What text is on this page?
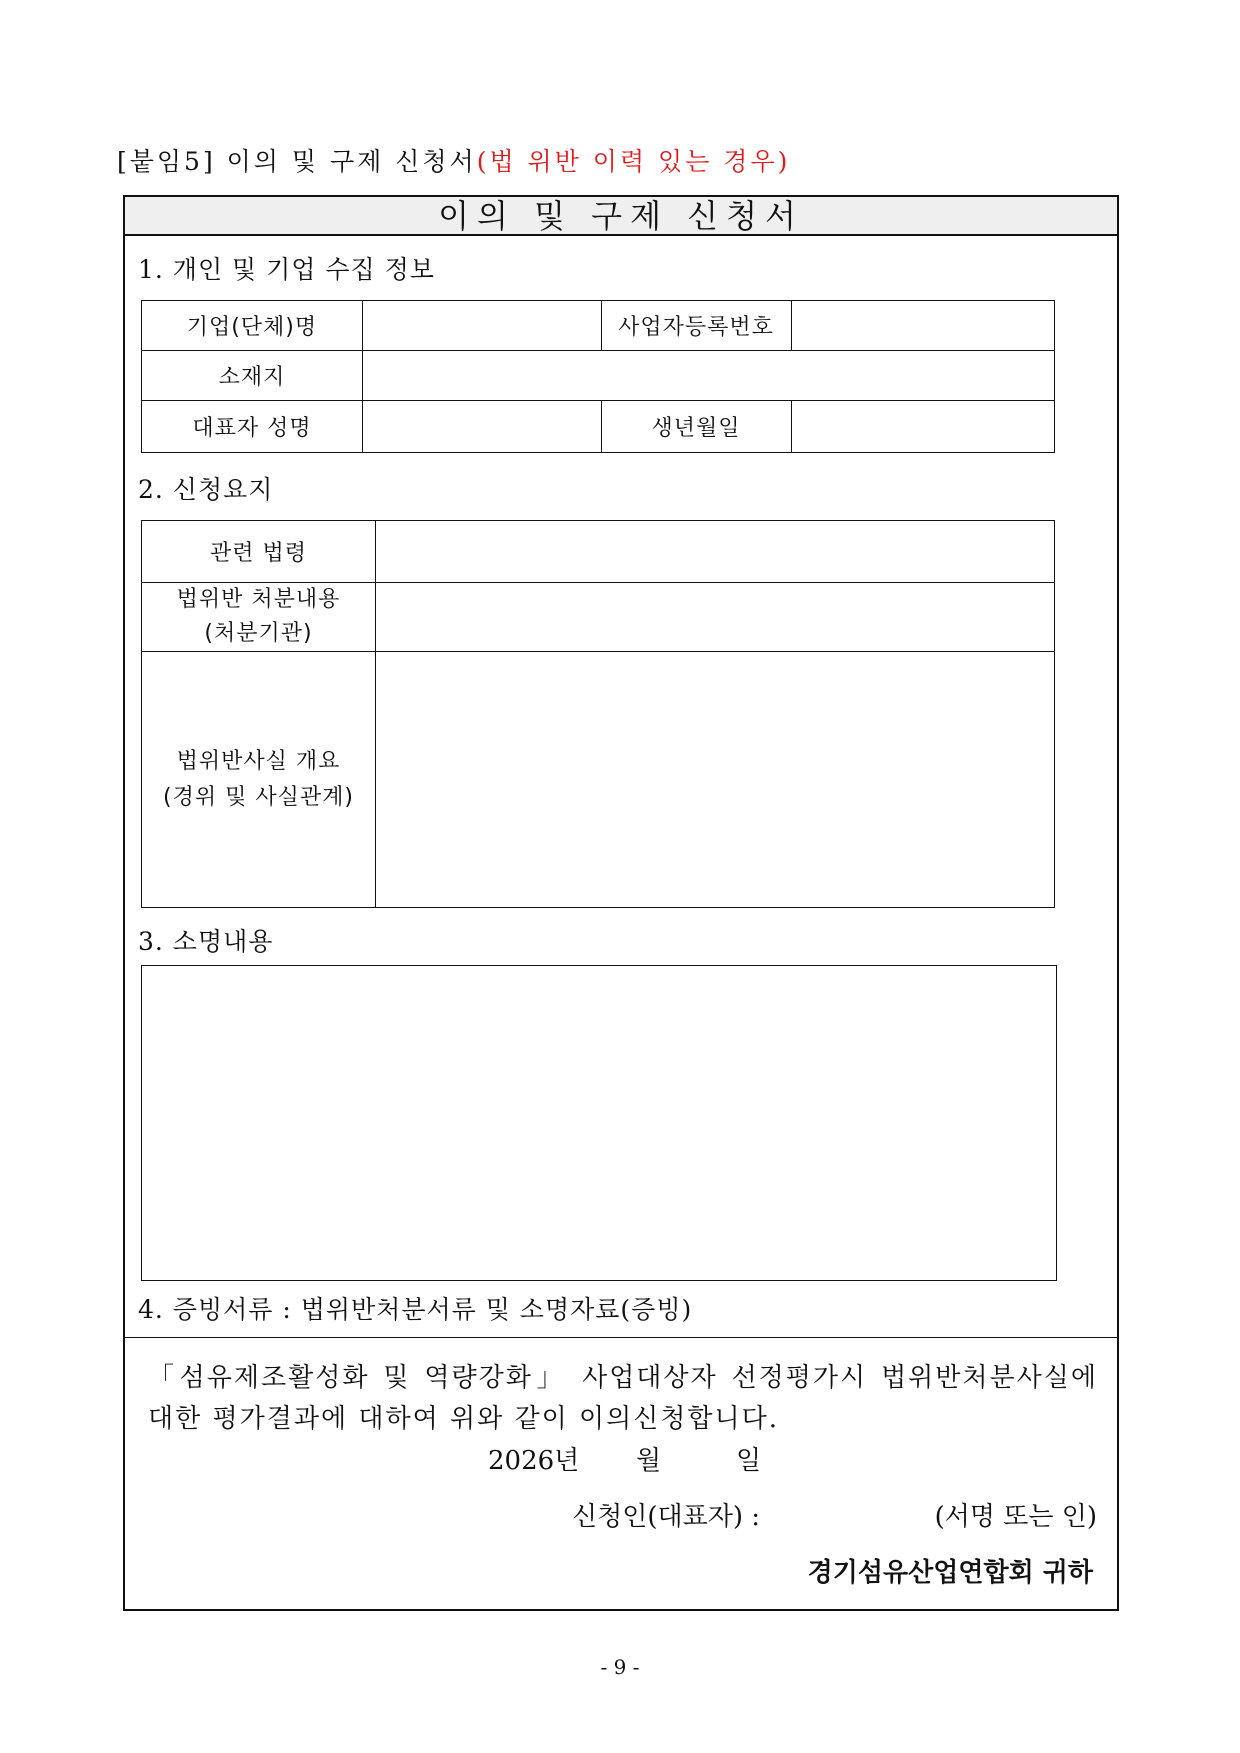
[붙임5] 이의 및 구제 신청서(법 위반 이력 있는 경우)
이의 및 구제 신청서
1. 개인 및 기업 수집 정보
기업(단체)명		사업자등록번호	
소재지			
대표자 성명		생년월일	
2. 신청요지
관련 법령	

법위반 처분내용
(처분기관)	

법위반사실 개요
(경위 및 사실관계)	

3. 소명내용
4. 증빙서류 : 법위반처분서류 및 소명자료(증빙)
「섬유제조활성화 및 역량강화」 사업대상자 선정평가시 법위반처분사실에 대한 평가결과에 대하여 위와 같이 이의신청합니다.
2026년 월	일
신청인(대표자) :	(서명 또는 인)
경기섬유산업연합회 귀하
- 9 -
